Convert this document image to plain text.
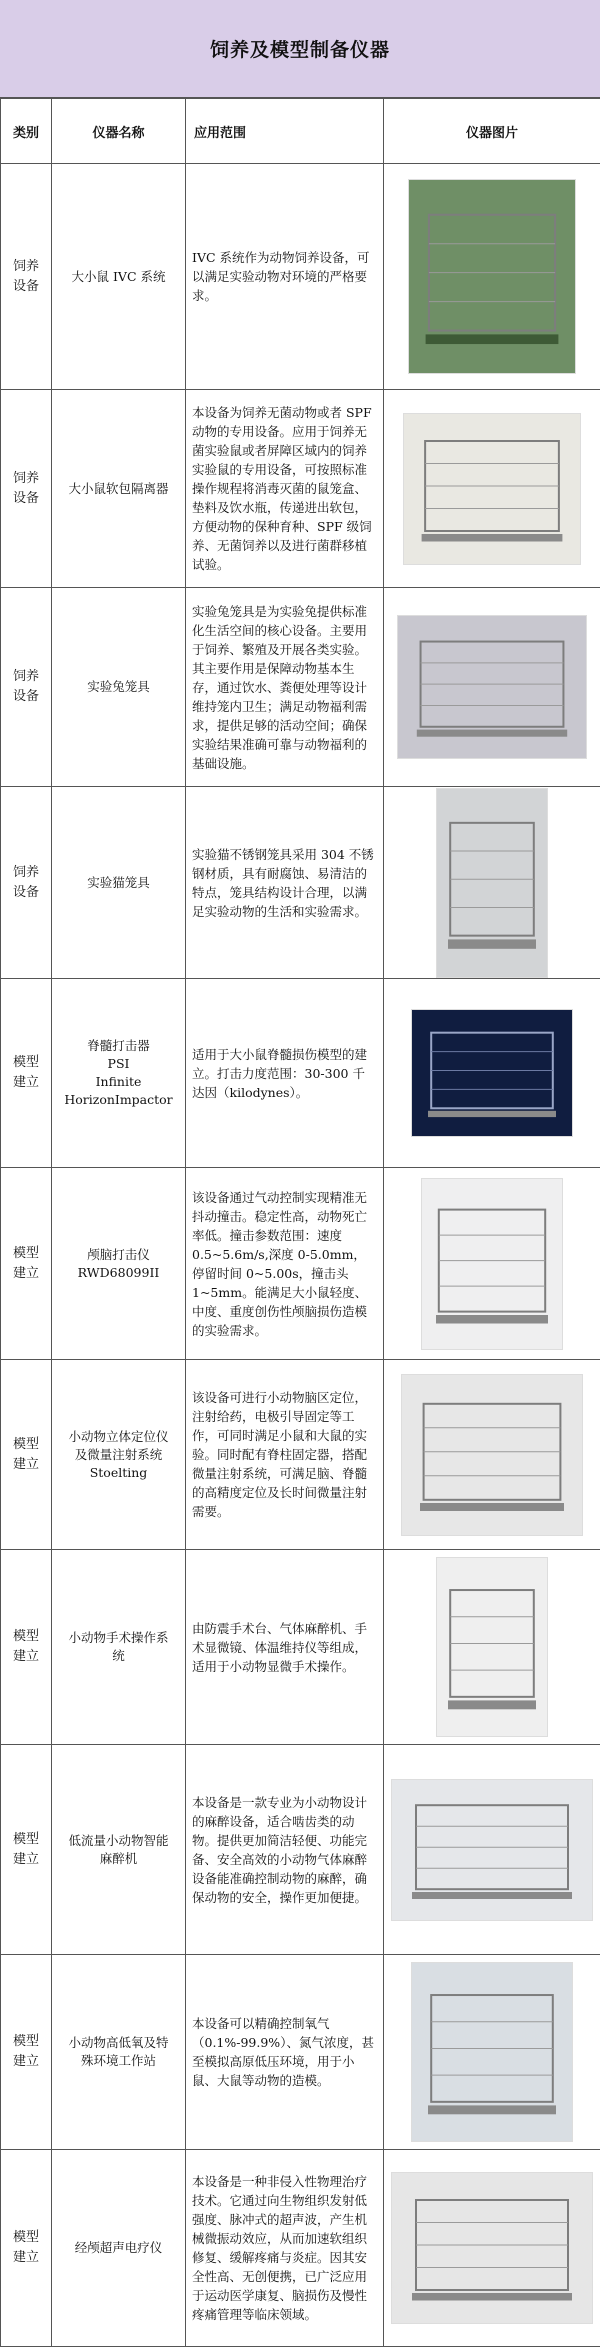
饲养及模型制备仪器
类别	仪器名称	应用范围	仪器图片

饲养
设备	大小鼠 IVC 系统	IVC 系统作为动物饲养设备，可以满足实验动物对环境的严格要求。

饲养
设备	大小鼠软包隔离器	本设备为饲养无菌动物或者 SPF 动物的专用设备。应用于饲养无菌实验鼠或者屏障区域内的饲养实验鼠的专用设备，可按照标准操作规程将消毒灭菌的鼠笼盒、垫料及饮水瓶，传递进出软包，方便动物的保种育种、SPF 级饲养、无菌饲养以及进行菌群移植试验。

饲养
设备	实验兔笼具	实验兔笼具是为实验兔提供标准化生活空间的核心设备。主要用于饲养、繁殖及开展各类实验。其主要作用是保障动物基本生存，通过饮水、粪便处理等设计维持笼内卫生；满足动物福利需求，提供足够的活动空间；确保实验结果准确可靠与动物福利的基础设施。

饲养
设备	实验猫笼具	实验猫不锈钢笼具采用 304 不锈钢材质，具有耐腐蚀、易清洁的特点，笼具结构设计合理，以满足实验动物的生活和实验需求。

模型
建立	脊髓打击器
PSI
Infinite
HorizonImpactor	适用于大小鼠脊髓损伤模型的建立。打击力度范围：30-300 千达因（kilodynes）。

模型
建立	颅脑打击仪
RWD68099II	该设备通过气动控制实现精准无抖动撞击。稳定性高，动物死亡率低。撞击参数范围：速度 0.5~5.6m/s,深度 0-5.0mm，停留时间 0~5.00s，撞击头 1~5mm。能满足大小鼠轻度、中度、重度创伤性颅脑损伤造模的实验需求。

模型
建立	小动物立体定位仪
及微量注射系统
Stoelting	该设备可进行小动物脑区定位，注射给药，电极引导固定等工作，可同时满足小鼠和大鼠的实验。同时配有脊柱固定器，搭配微量注射系统，可满足脑、脊髓的高精度定位及长时间微量注射需要。

模型
建立	小动物手术操作系
统	由防震手术台、气体麻醉机、手术显微镜、体温维持仪等组成，适用于小动物显微手术操作。

模型
建立	低流量小动物智能
麻醉机	本设备是一款专业为小动物设计的麻醉设备，适合啮齿类的动物。提供更加简洁轻便、功能完备、安全高效的小动物气体麻醉设备能准确控制动物的麻醉，确保动物的安全，操作更加便捷。

模型
建立	小动物高低氧及特
殊环境工作站	本设备可以精确控制氧气（0.1%-99.9%）、氮气浓度，甚至模拟高原低压环境，用于小鼠、大鼠等动物的造模。

模型
建立	经颅超声电疗仪	本设备是一种非侵入性物理治疗技术。它通过向生物组织发射低强度、脉冲式的超声波，产生机械微振动效应，从而加速软组织修复、缓解疼痛与炎症。因其安全性高、无创便携，已广泛应用于运动医学康复、脑损伤及慢性疼痛管理等临床领域。
